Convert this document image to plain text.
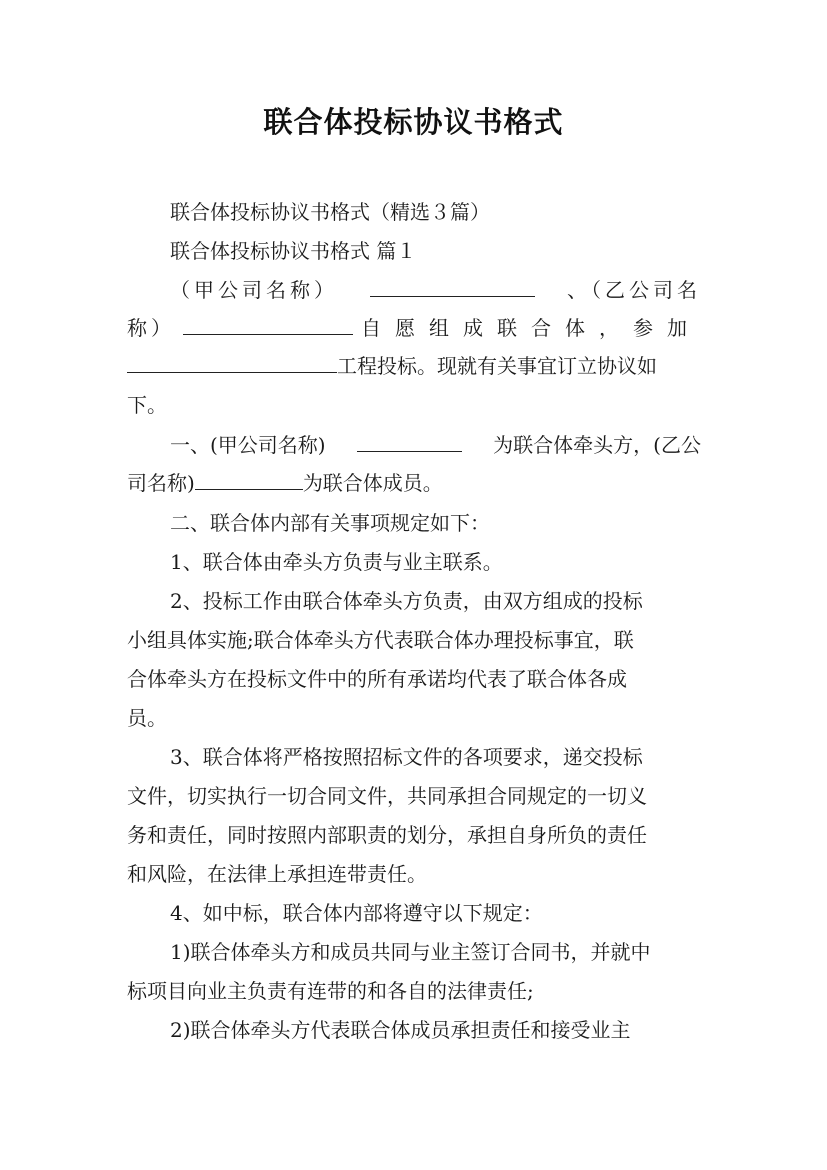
联合体投标协议书格式
联合体投标协议书格式（精选３篇）
联合体投标协议书格式 篇１
（甲公司名称）	、（乙公司名
称）	自愿组成联合体，参加
工程投标。现就有关事宜订立协议如
下。
一、(甲公司名称)	为联合体牵头方，(乙公
司名称)	为联合体成员。
二、联合体内部有关事项规定如下：
1、联合体由牵头方负责与业主联系。
2、投标工作由联合体牵头方负责，由双方组成的投标
小组具体实施;联合体牵头方代表联合体办理投标事宜，联
合体牵头方在投标文件中的所有承诺均代表了联合体各成
员。
3、联合体将严格按照招标文件的各项要求，递交投标
文件，切实执行一切合同文件，共同承担合同规定的一切义
务和责任，同时按照内部职责的划分，承担自身所负的责任
和风险，在法律上承担连带责任。
4、如中标，联合体内部将遵守以下规定：
1)联合体牵头方和成员共同与业主签订合同书，并就中
标项目向业主负责有连带的和各自的法律责任;
2)联合体牵头方代表联合体成员承担责任和接受业主
